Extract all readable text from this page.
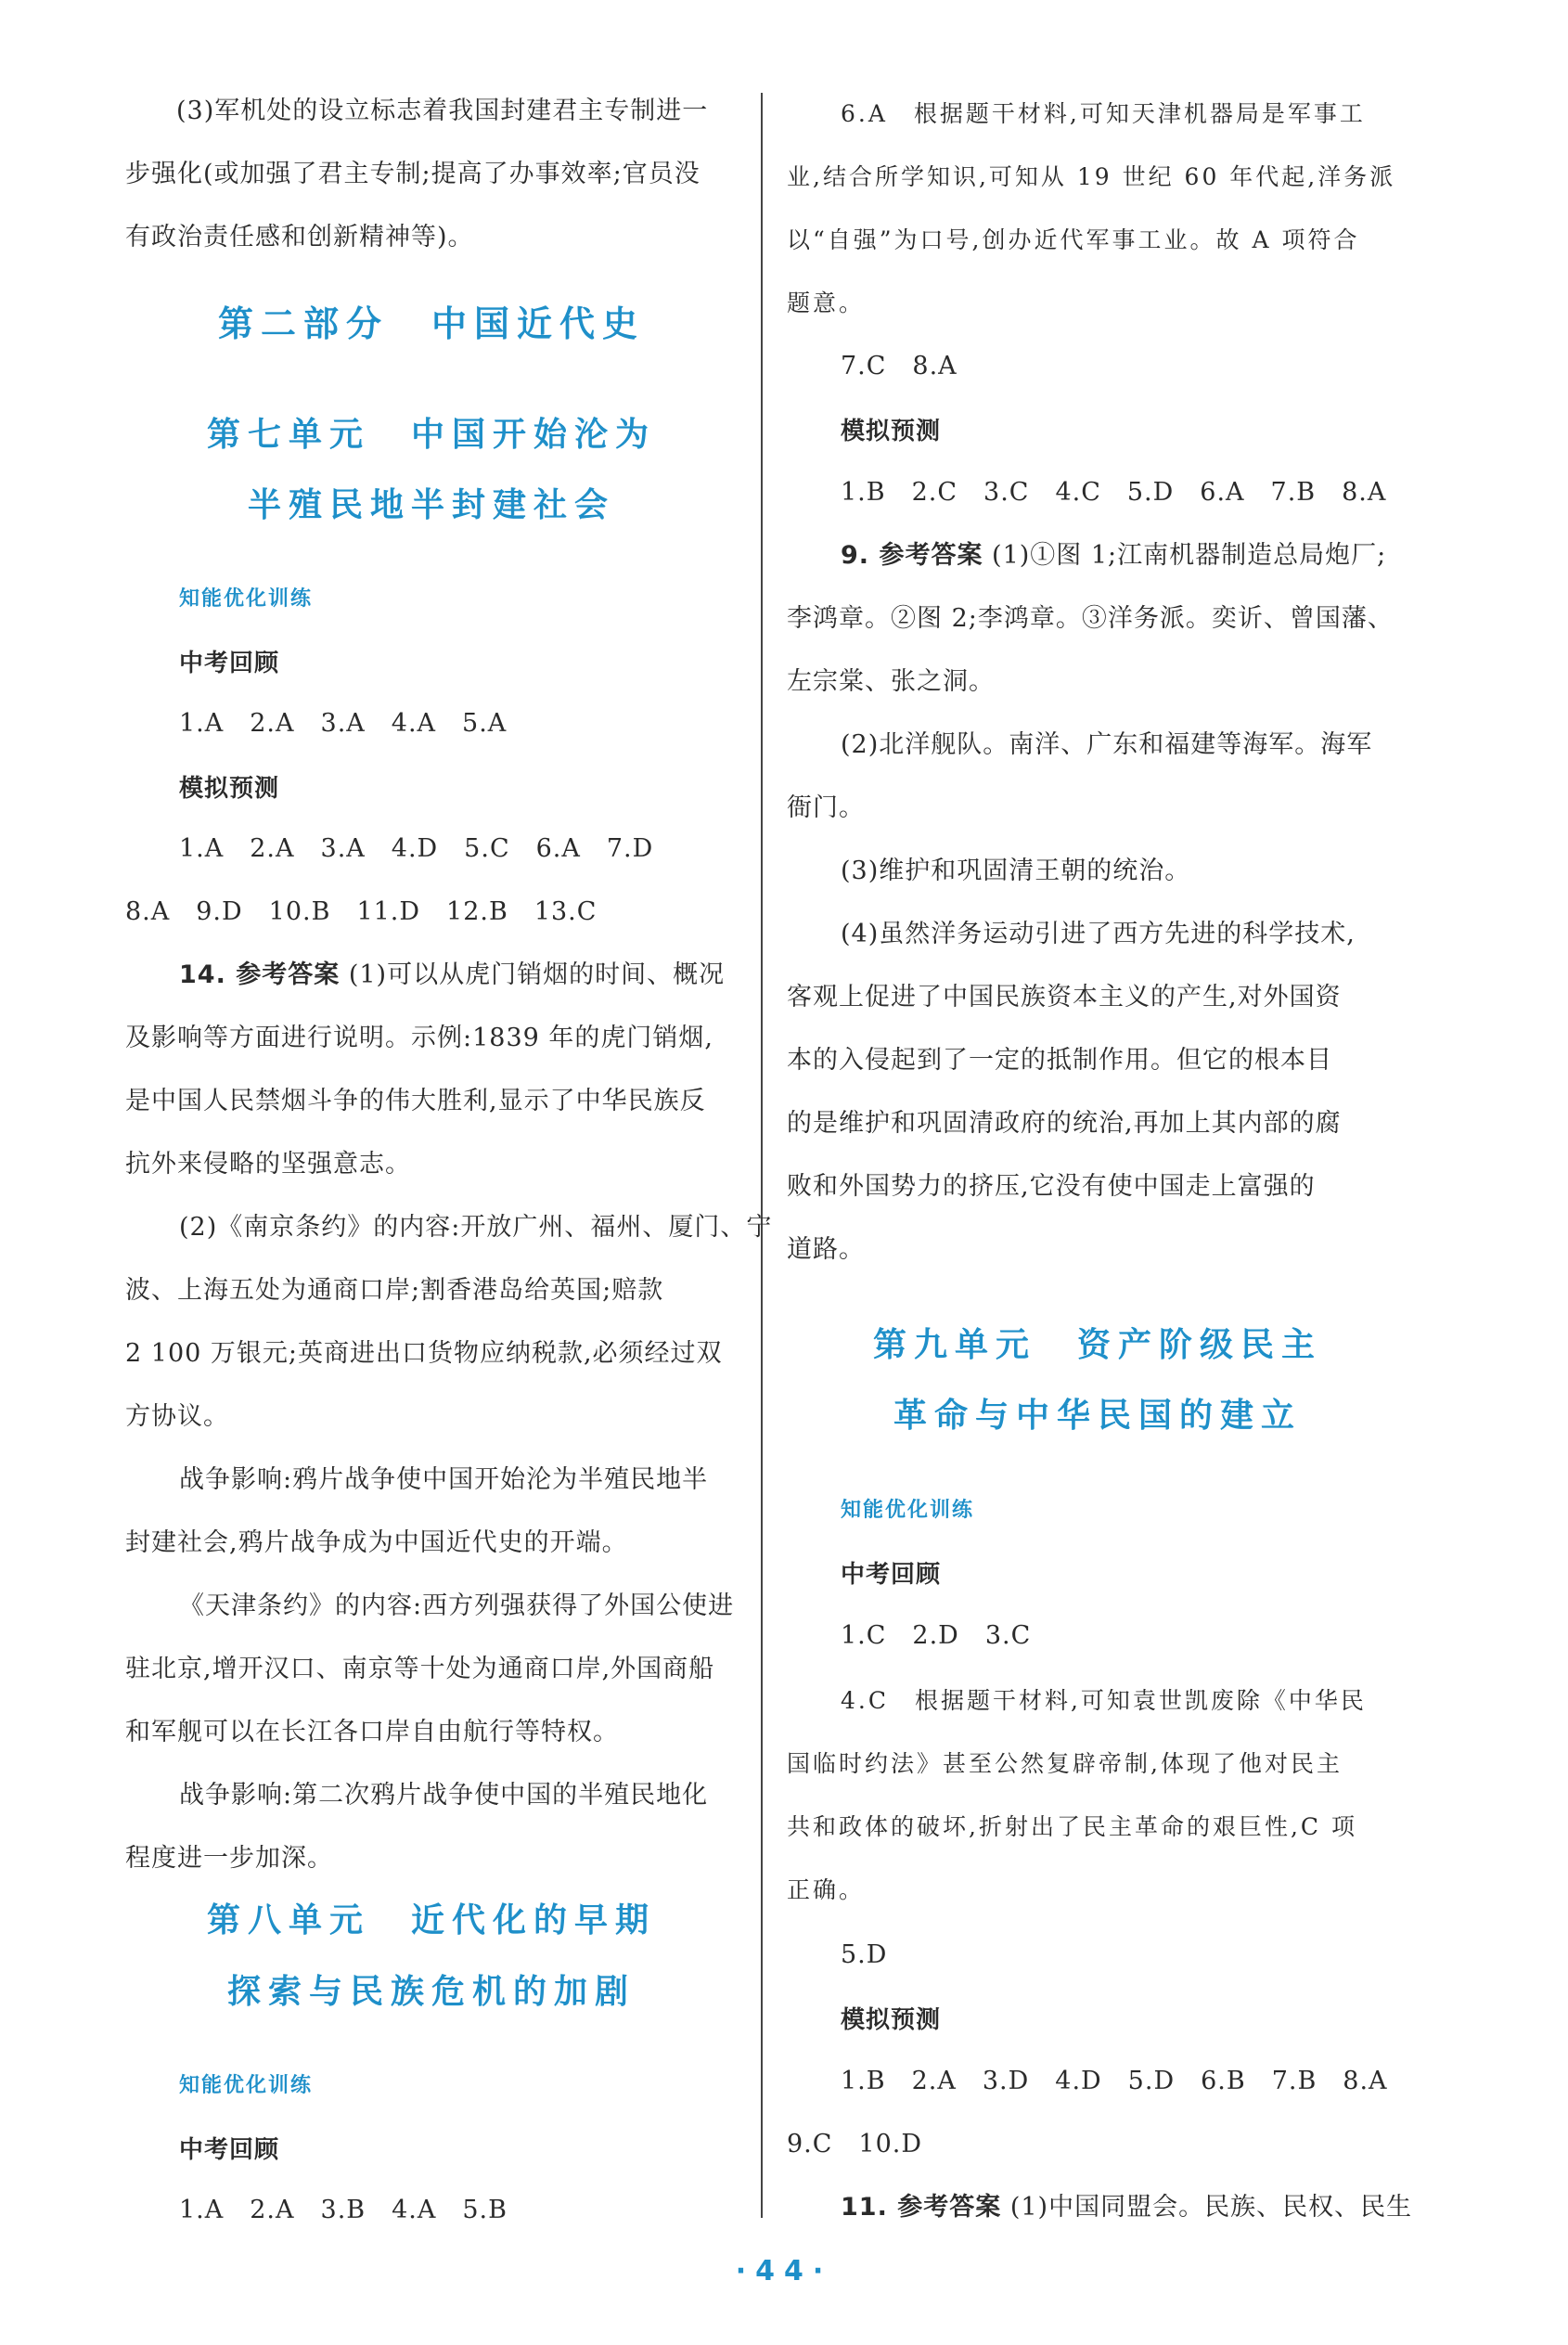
(3)军机处的设立标志着我国封建君主专制进一
步强化(或加强了君主专制;提高了办事效率;官员没
有政治责任感和创新精神等)。
第二部分　中国近代史
第七单元　中国开始沦为
半殖民地半封建社会
知能优化训练
中考回顾
1.A　2.A　3.A　4.A　5.A
模拟预测
1.A　2.A　3.A　4.D　5.C　6.A　7.D
8.A　9.D　10.B　11.D　12.B　13.C
14. 参考答案 (1)可以从虎门销烟的时间、概况
及影响等方面进行说明。示例:1839 年的虎门销烟,
是中国人民禁烟斗争的伟大胜利,显示了中华民族反
抗外来侵略的坚强意志。
(2)《南京条约》的内容:开放广州、福州、厦门、宁
波、上海五处为通商口岸;割香港岛给英国;赔款
2 100 万银元;英商进出口货物应纳税款,必须经过双
方协议。
战争影响:鸦片战争使中国开始沦为半殖民地半
封建社会,鸦片战争成为中国近代史的开端。
《天津条约》的内容:西方列强获得了外国公使进
驻北京,增开汉口、南京等十处为通商口岸,外国商船
和军舰可以在长江各口岸自由航行等特权。
战争影响:第二次鸦片战争使中国的半殖民地化
程度进一步加深。
第八单元　近代化的早期
探索与民族危机的加剧
知能优化训练
中考回顾
1.A　2.A　3.B　4.A　5.B
6.A　根据题干材料,可知天津机器局是军事工
业,结合所学知识,可知从 19 世纪 60 年代起,洋务派
以“自强”为口号,创办近代军事工业。故 A 项符合
题意。
7.C　8.A
模拟预测
1.B　2.C　3.C　4.C　5.D　6.A　7.B　8.A
9. 参考答案 (1)①图 1;江南机器制造总局炮厂;
李鸿章。②图 2;李鸿章。③洋务派。奕䜣、曾国藩、
左宗棠、张之洞。
(2)北洋舰队。南洋、广东和福建等海军。海军
衙门。
(3)维护和巩固清王朝的统治。
(4)虽然洋务运动引进了西方先进的科学技术,
客观上促进了中国民族资本主义的产生,对外国资
本的入侵起到了一定的抵制作用。但它的根本目
的是维护和巩固清政府的统治,再加上其内部的腐
败和外国势力的挤压,它没有使中国走上富强的
道路。
第九单元　资产阶级民主
革命与中华民国的建立
知能优化训练
中考回顾
1.C　2.D　3.C
4.C　根据题干材料,可知袁世凯废除《中华民
国临时约法》甚至公然复辟帝制,体现了他对民主
共和政体的破坏,折射出了民主革命的艰巨性,C 项
正确。
5.D
模拟预测
1.B　2.A　3.D　4.D　5.D　6.B　7.B　8.A
9.C　10.D
11. 参考答案 (1)中国同盟会。民族、民权、民生
·44·
